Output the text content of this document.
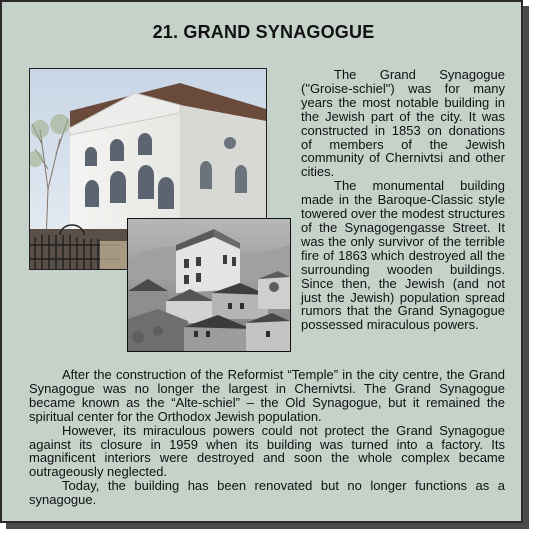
21. GRAND SYNAGOGUE

The Grand Synagogue ("Groise-schiel") was for many years the most notable building in the Jewish part of the city. It was constructed in 1853 on donations of members of the Jewish community of Chernivtsi and other cities.

The monumental building made in the Baroque-Classic style towered over the modest structures of the Synagogengasse Street. It was the only survivor of the terrible fire of 1863 which destroyed all the surrounding wooden buildings. Since then, the Jewish (and not just the Jewish) population spread rumors that the Grand Synagogue possessed miraculous powers.

After the construction of the Reformist “Temple” in the city centre, the Grand Synagogue was no longer the largest in Chernivtsi. The Grand Synagogue became known as the “Alte-schiel” – the Old Synagogue, but it remained the spiritual center for the Orthodox Jewish population.

However, its miraculous powers could not protect the Grand Synagogue against its closure in 1959 when its building was turned into a factory. Its magnificent interiors were destroyed and soon the whole complex became outrageously neglected.

Today, the building has been renovated but no longer functions as a synagogue.
